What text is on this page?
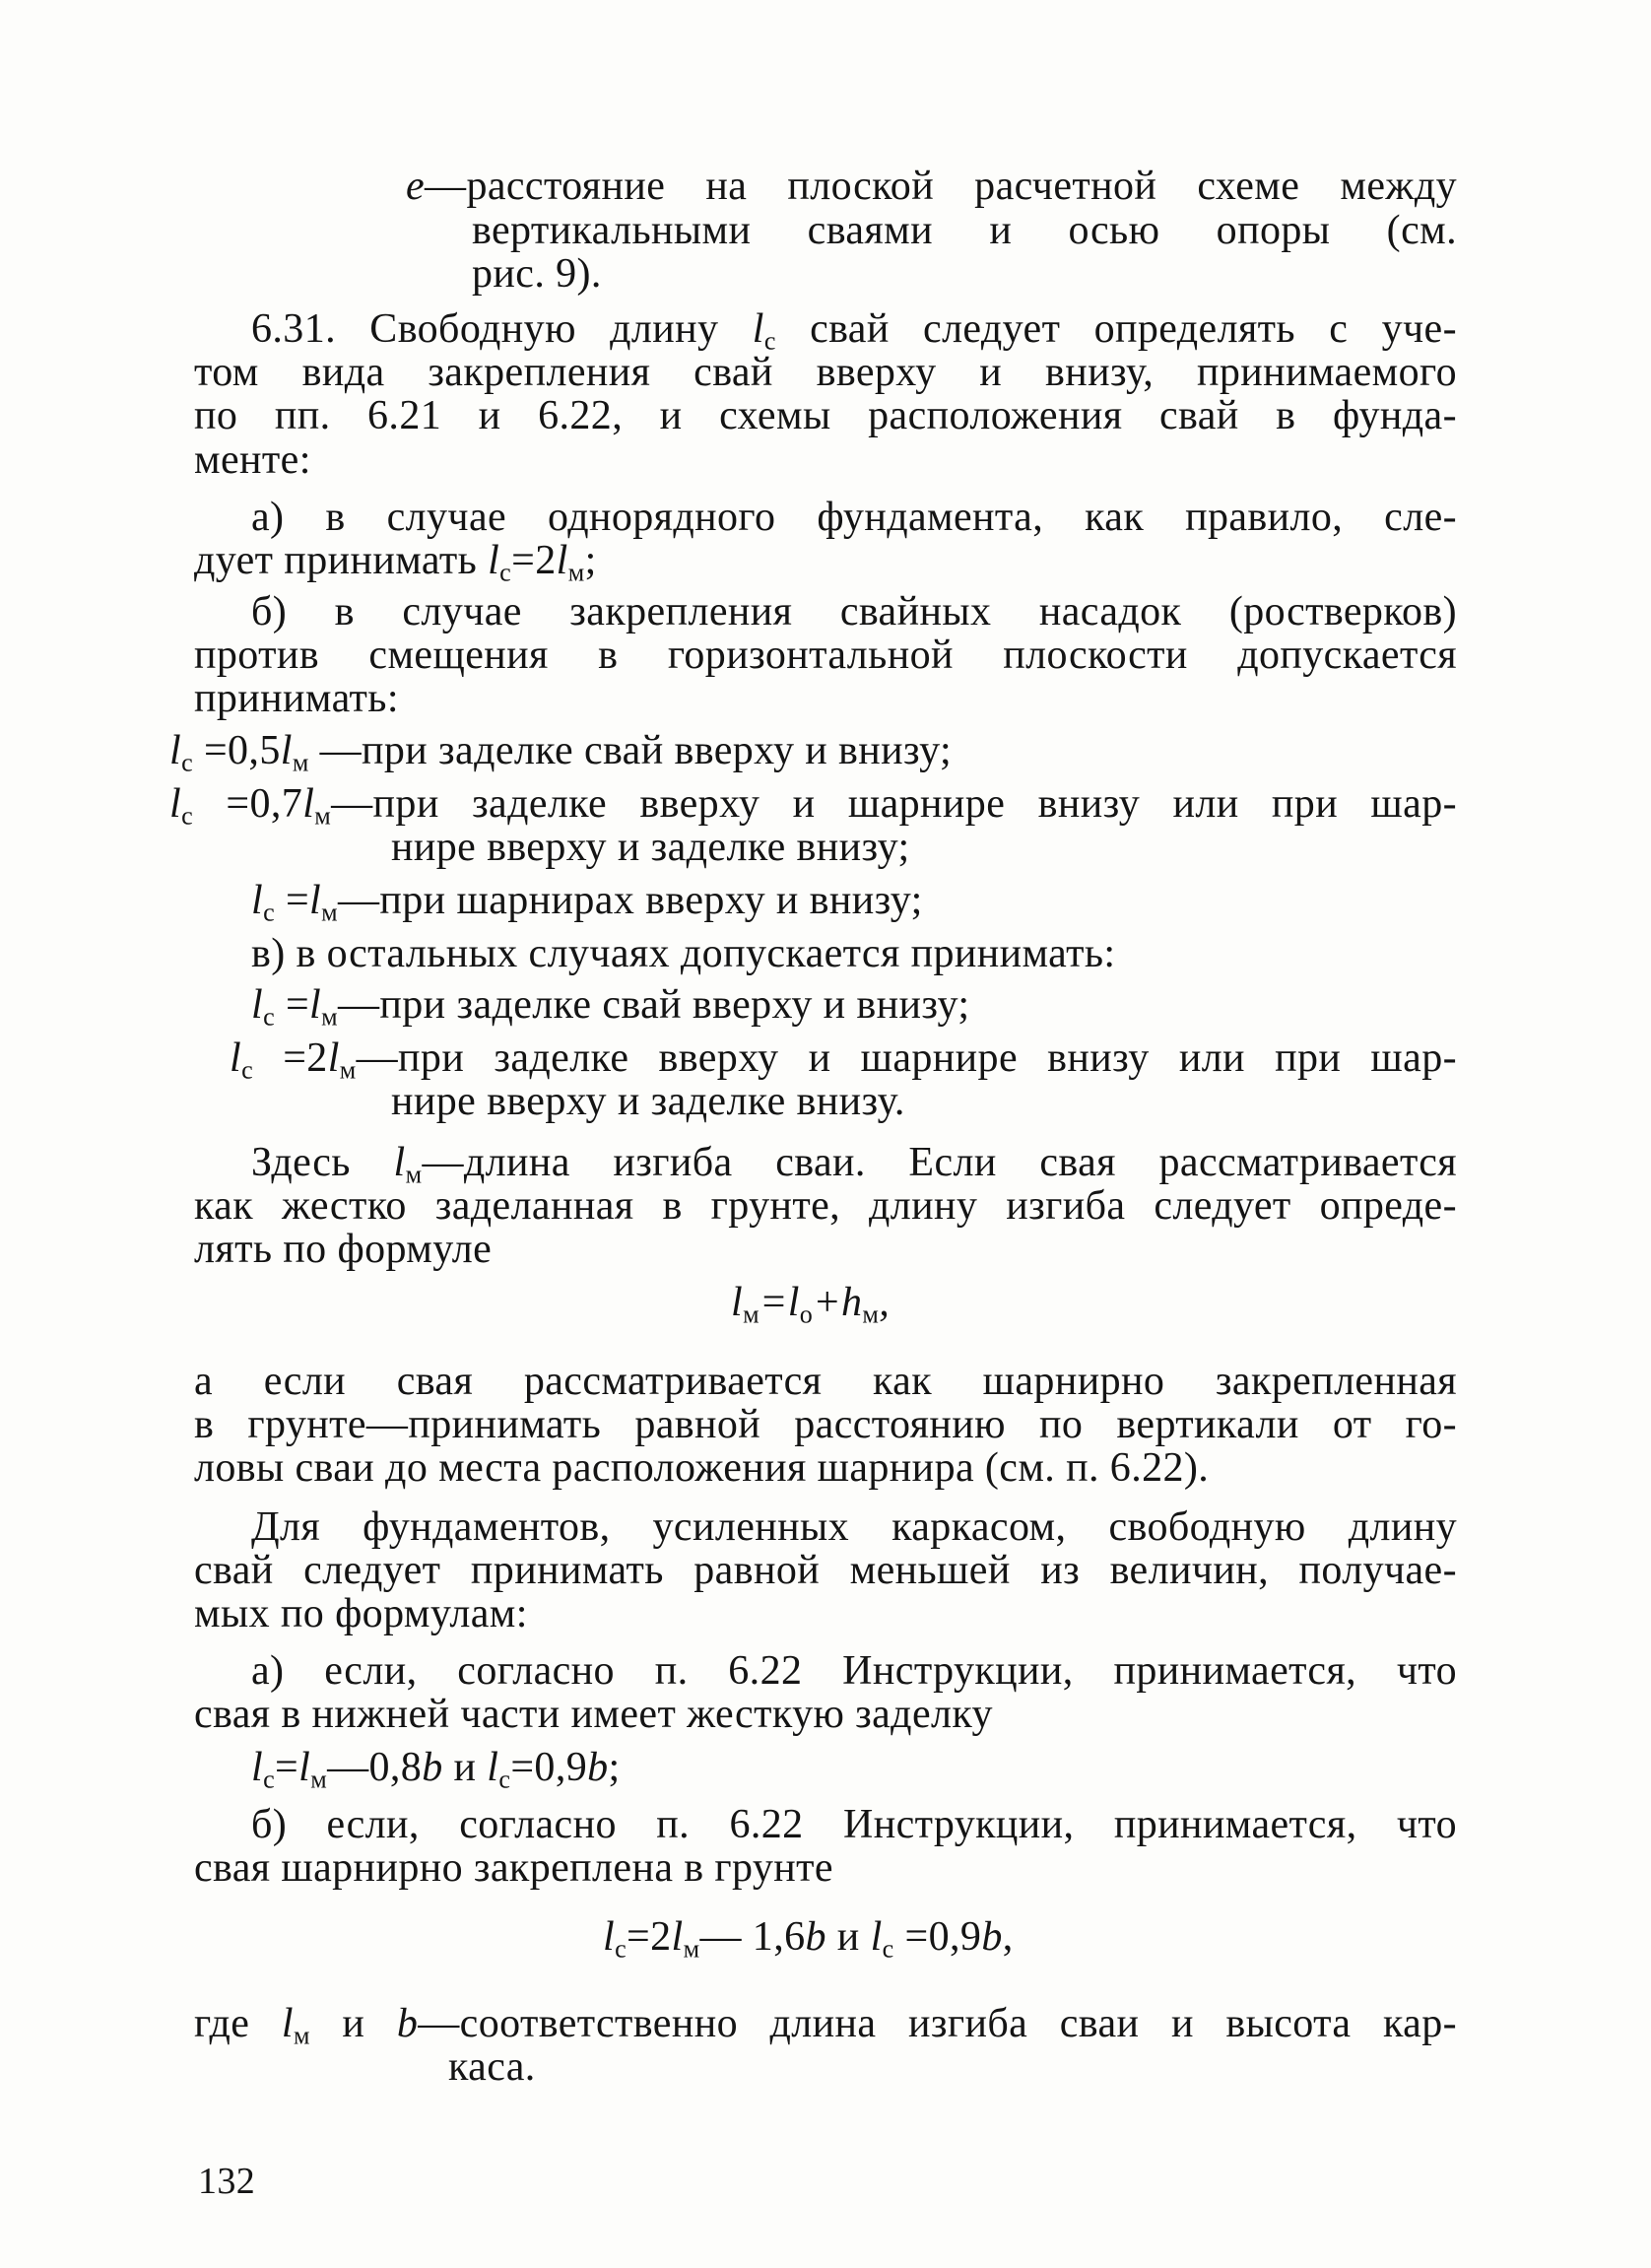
e—расстояние на плоской расчетной схеме между

вертикальными сваями и осью опоры (см.

рис. 9).

6.31. Свободную длину $l_c$ свай следует определять с уче-

том вида закрепления свай вверху и внизу, принимаемого

по пп. 6.21 и 6.22, и схемы расположения свай в фунда-

менте:

а) в случае однорядного фундамента, как правило, сле-

дует принимать $l_c=2l_м$;

б) в случае закрепления свайных насадок (ростверков)

против смещения в горизонтальной плоскости допускается

принимать:

$l_c =0,5l_м$ —при заделке свай вверху и внизу;

$l_c$ $=0,7l_м—при$ заделке вверху и шарнире внизу или при шар-

нире вверху и заделке внизу;

$l_c$ $=l_м—при$ шарнирах вверху и внизу;

в) в остальных случаях допускается принимать:

$l_c$ $=l_м—при$ заделке свай вверху и внизу;

$l_c$ $=2l_м—при$ заделке вверху и шарнире внизу или при шар-

нире вверху и заделке внизу.

Здесь $l_м—длина$ изгиба сваи. Если свая рассматривается

как жестко заделанная в грунте, длину изгиба следует опреде-

лять по формуле

$l_м=l_о+h_м$,

а если свая рассматривается как шарнирно закрепленная

в грунте—принимать равной расстоянию по вертикали от го-

ловы сваи до места расположения шарнира (см. п. 6.22).

Для фундаментов, усиленных каркасом, свободную длину

свай следует принимать равной меньшей из величин, получае-

мых по формулам:

а) если, согласно п. 6.22 Инструкции, принимается, что

свая в нижней части имеет жесткую заделку

$l_c=l_м—0,8b$ и $l_c=0,9b$;

б) если, согласно п. 6.22 Инструкции, принимается, что

свая шарнирно закреплена в грунте

$l_c=2l_м—$ 1,6b и $l_c =0,9b$,

где $l_м$ и b—соответственно длина изгиба сваи и высота кар-

каса.

132
